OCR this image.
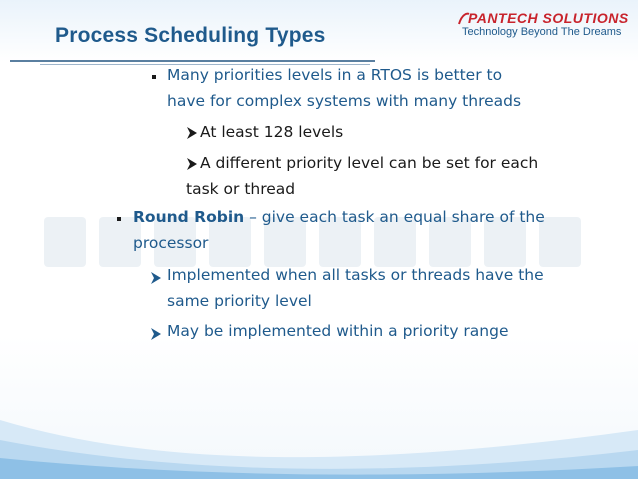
Process Scheduling Types
PANTECH SOLUTIONS
Technology Beyond The Dreams
Many priorities levels in a RTOS is better to
have for complex systems with many threads
At least 128 levels
A different priority level can be set for each
task or thread
Round Robin – give each task an equal share of the
processor
Implemented when all tasks or threads have the
same priority level
May be implemented within a priority range
